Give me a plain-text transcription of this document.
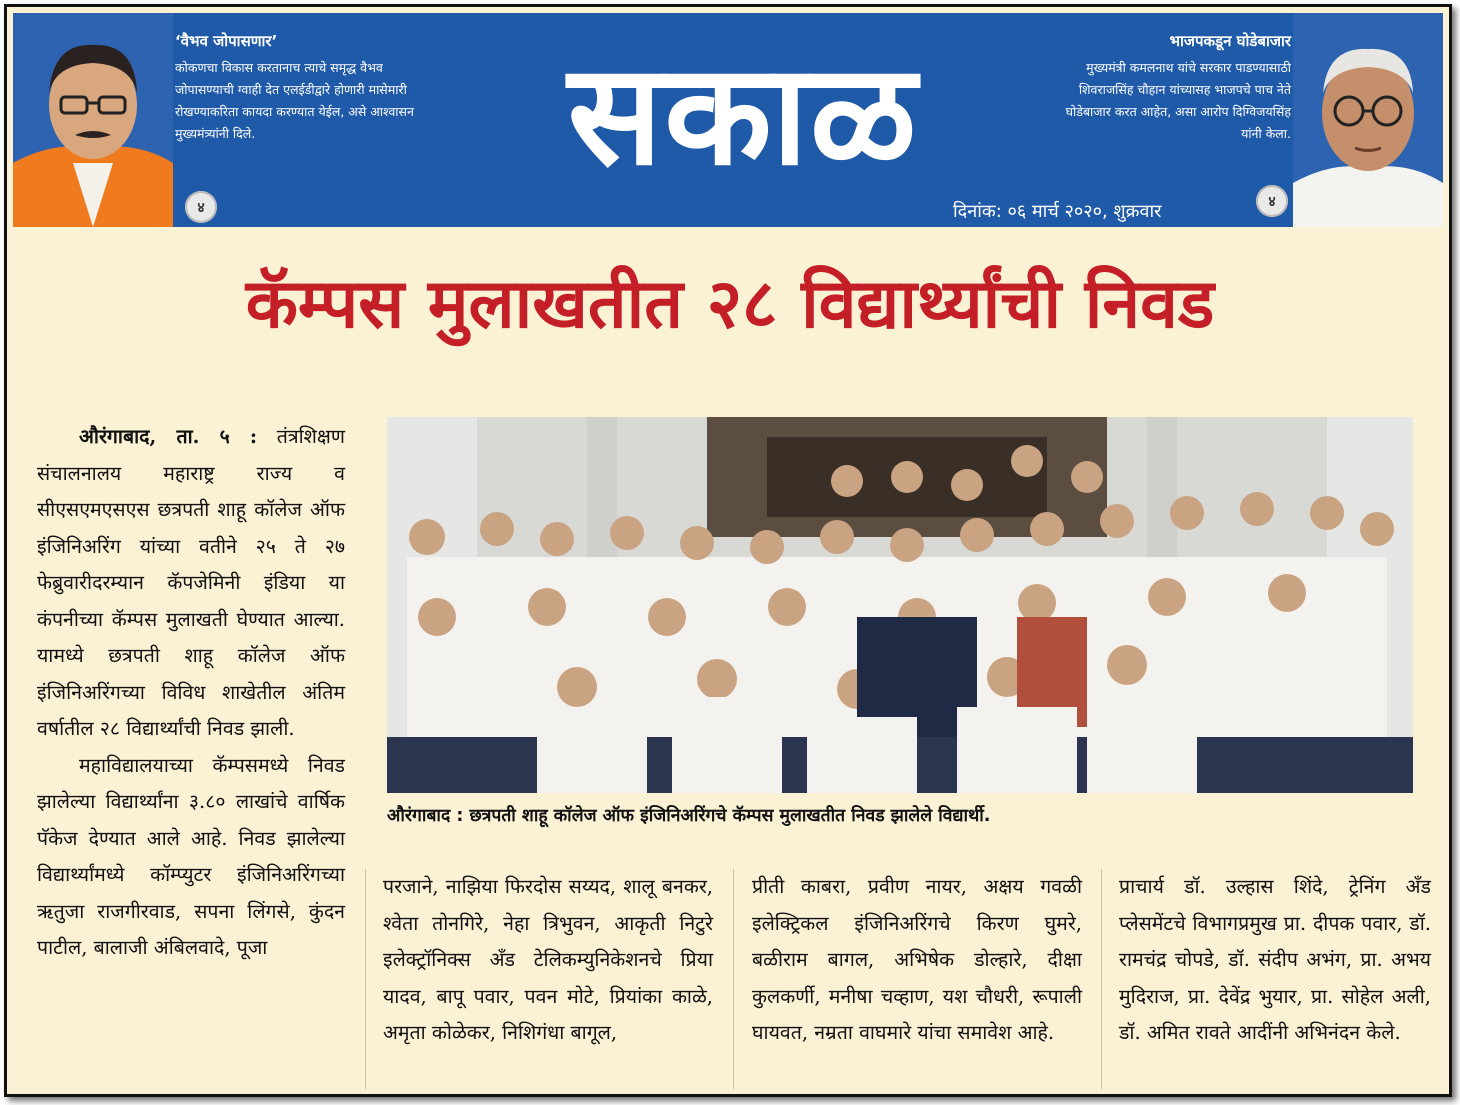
‘वैभव जोपासणार’
कोकणचा विकास करतानाच त्याचे समृद्ध वैभव जोपासण्याची ग्वाही देत एलईडीद्वारे होणारी मासेमारी रोखण्याकरिता कायदा करण्यात येईल, असे आश्वासन मुख्यमंत्र्यांनी दिले.
४
सकाळ	भाजपकडून घोडेबाजार
मुख्यमंत्री कमलनाथ यांचे सरकार पाडण्यासाठी शिवराजसिंह चौहान यांच्यासह भाजपचे पाच नेते घोडेबाजार करत आहेत, असा आरोप दिग्विजयसिंह यांनी केला.
४
दिनांक: ०६ मार्च २०२०, शुक्रवार
कॅम्पस मुलाखतीत २८ विद्यार्थ्यांची निवड

औरंगाबाद, ता. ५ : तंत्रशिक्षण संचालनालय महाराष्ट्र राज्य व सीएसएमएसएस छत्रपती शाहू कॉलेज ऑफ इंजिनिअरिंग यांच्या वतीने २५ ते २७ फेब्रुवारीदरम्यान कॅपजेमिनी इंडिया या कंपनीच्या कॅम्पस मुलाखती घेण्यात आल्या. यामध्ये छत्रपती शाहू कॉलेज ऑफ इंजिनिअरिंगच्या विविध शाखेतील अंतिम वर्षातील २८ विद्यार्थ्यांची निवड झाली.

महाविद्यालयाच्या कॅम्पसमध्ये निवड झालेल्या विद्यार्थ्यांना ३.८० लाखांचे वार्षिक पॅकेज देण्यात आले आहे. निवड झालेल्या विद्यार्थ्यांमध्ये कॉम्प्युटर इंजिनिअरिंगच्या ऋतुजा राजगीरवाड, सपना लिंगसे, कुंदन पाटील, बालाजी अंबिलवादे, पूजा

औरंगाबाद : छत्रपती शाहू कॉलेज ऑफ इंजिनिअरिंगचे कॅम्पस मुलाखतीत निवड झालेले विद्यार्थी.
परजाने, नाझिया फिरदोस सय्यद, शालू बनकर, श्वेता तोनगिरे, नेहा त्रिभुवन, आकृती निटुरे इलेक्ट्रॉनिक्स अँड टेलिकम्युनिकेशनचे प्रिया यादव, बापू पवार, पवन मोटे, प्रियांका काळे, अमृता कोळेकर, निशिगंधा बागूल,
प्रीती काबरा, प्रवीण नायर, अक्षय गवळी इलेक्ट्रिकल इंजिनिअरिंगचे किरण घुमरे, बळीराम बागल, अभिषेक डोल्हारे, दीक्षा कुलकर्णी, मनीषा चव्हाण, यश चौधरी, रूपाली घायवत, नम्रता वाघमारे यांचा समावेश आहे.
प्राचार्य डॉ. उल्हास शिंदे, ट्रेनिंग अँड प्लेसमेंटचे विभागप्रमुख प्रा. दीपक पवार, डॉ. रामचंद्र चोपडे, डॉ. संदीप अभंग, प्रा. अभय मुदिराज, प्रा. देवेंद्र भुयार, प्रा. सोहेल अली, डॉ. अमित रावते आदींनी अभिनंदन केले.
